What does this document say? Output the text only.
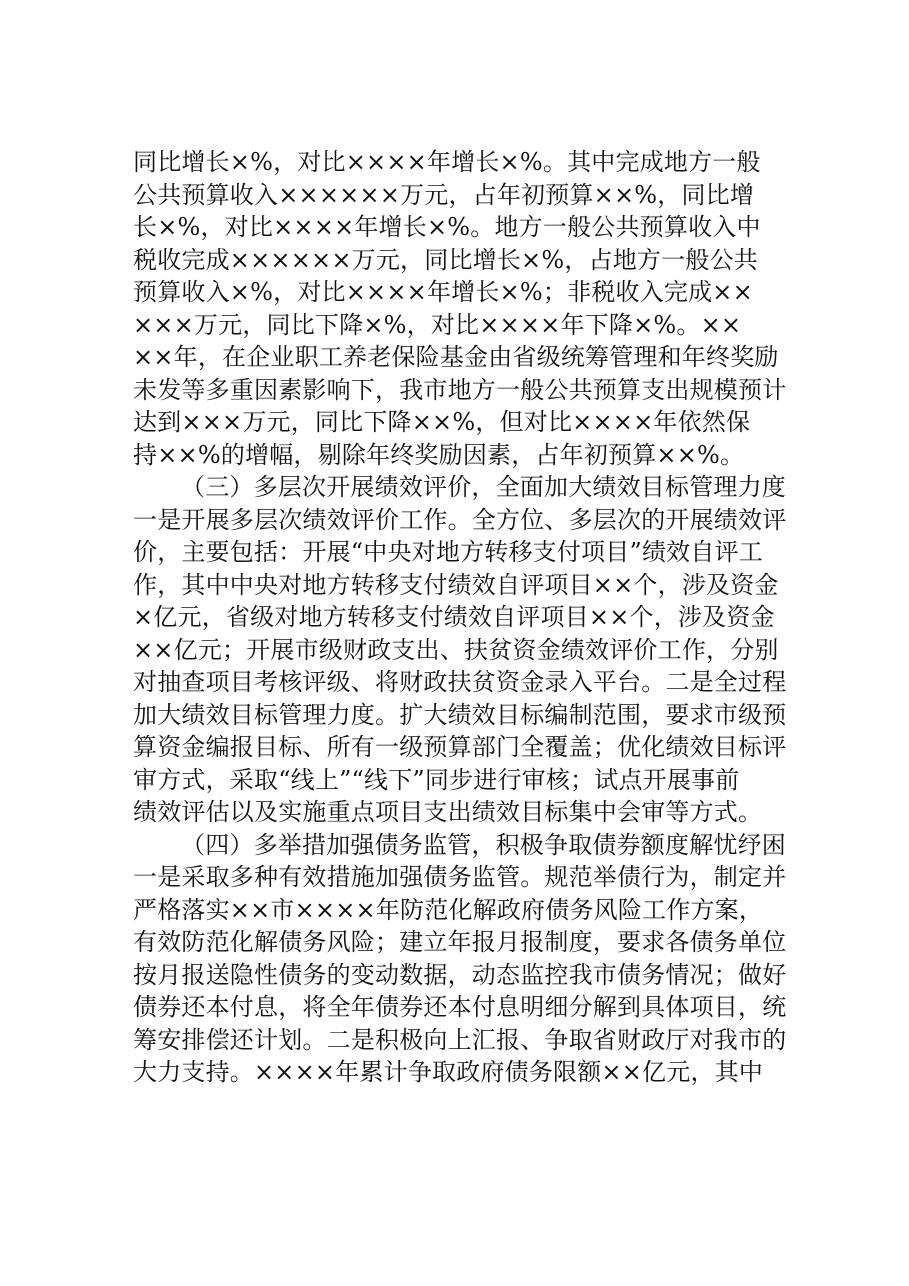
同比增长×%，对比××××年增长×%。其中完成地方一般
公共预算收入××××××万元，占年初预算××%，同比增
长×%，对比××××年增长×%。地方一般公共预算收入中
税收完成××××××万元，同比增长×%，占地方一般公共
预算收入×%，对比××××年增长×%；非税收入完成××
×××万元，同比下降×%，对比××××年下降×%。××
××年，在企业职工养老保险基金由省级统筹管理和年终奖励
未发等多重因素影响下，我市地方一般公共预算支出规模预计
达到×××万元，同比下降××%，但对比××××年依然保
持××%的增幅，剔除年终奖励因素，占年初预算××%。
（三）多层次开展绩效评价，全面加大绩效目标管理力度
一是开展多层次绩效评价工作。全方位、多层次的开展绩效评
价，主要包括：开展“中央对地方转移支付项目”绩效自评工
作，其中中央对地方转移支付绩效自评项目××个，涉及资金
×亿元，省级对地方转移支付绩效自评项目××个，涉及资金
××亿元；开展市级财政支出、扶贫资金绩效评价工作，分别
对抽查项目考核评级、将财政扶贫资金录入平台。二是全过程
加大绩效目标管理力度。扩大绩效目标编制范围，要求市级预
算资金编报目标、所有一级预算部门全覆盖；优化绩效目标评
审方式，采取“线上”“线下”同步进行审核；试点开展事前
绩效评估以及实施重点项目支出绩效目标集中会审等方式。
（四）多举措加强债务监管，积极争取债券额度解忧纾困
一是采取多种有效措施加强债务监管。规范举债行为，制定并
严格落实××市××××年防范化解政府债务风险工作方案，
有效防范化解债务风险；建立年报月报制度，要求各债务单位
按月报送隐性债务的变动数据，动态监控我市债务情况；做好
债券还本付息，将全年债券还本付息明细分解到具体项目，统
筹安排偿还计划。二是积极向上汇报、争取省财政厅对我市的
大力支持。××××年累计争取政府债务限额××亿元，其中
